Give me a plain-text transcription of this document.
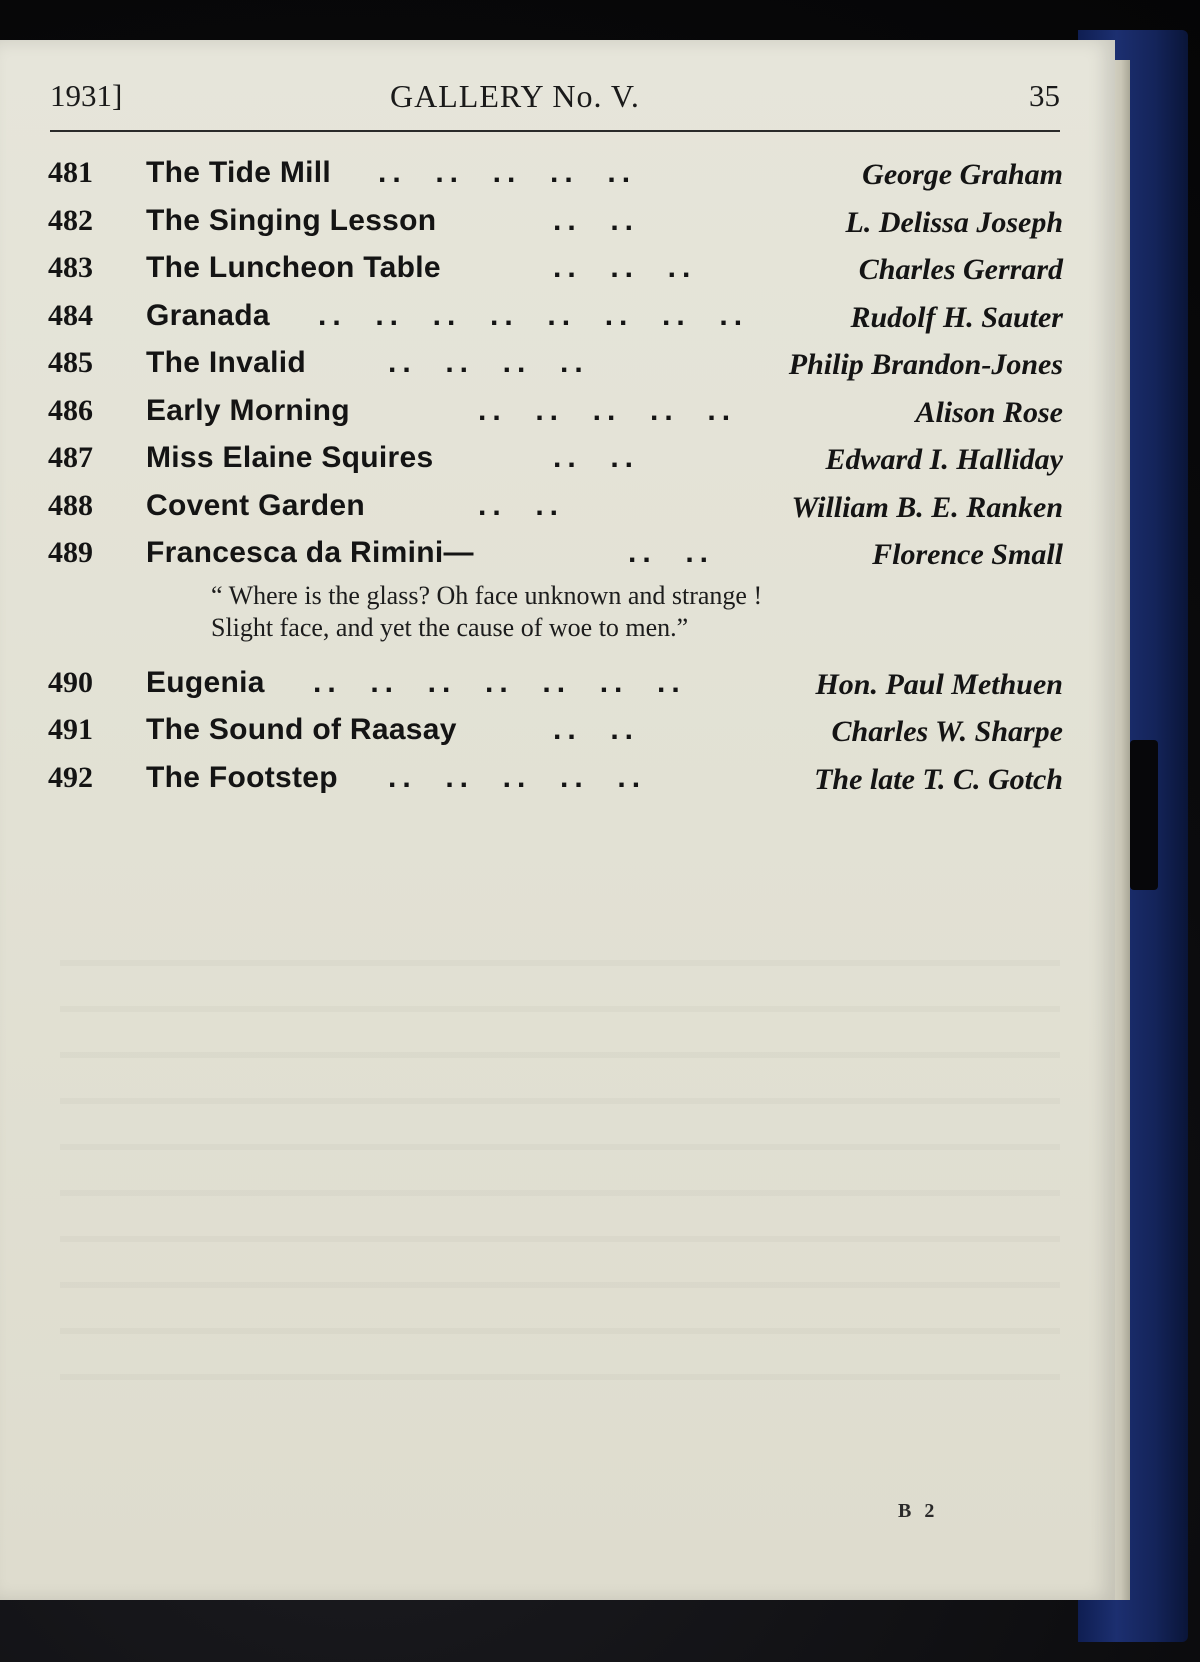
1931]	GALLERY No. V.	35
481 The Tide Mill ..  ..  ..  ..  ..	George Graham
482 The Singing Lesson	..  ..	L. Delissa Joseph
483 The Luncheon Table	..  ..  ..	Charles Gerrard
484 Granada ..  ..  ..  ..  ..  ..  ..  ..	Rudolf H. Sauter
485 The Invalid	..  ..  ..  ..	Philip Brandon-Jones
486 Early Morning	..  ..  ..  ..  ..	Alison Rose
487 Miss Elaine Squires	..  ..	Edward I. Halliday
488 Covent Garden	..  ..	William B. E. Ranken
489 Francesca da Rimini—	..  ..	Florence Small
“ Where is the glass? Oh face unknown and strange !
Slight face, and yet the cause of woe to men.”
490 Eugenia ..  ..  ..  ..  ..  ..  ..	Hon. Paul Methuen
491 The Sound of Raasay	..  ..	Charles W. Sharpe
492 The Footstep ..  ..  ..  ..  ..	The late T. C. Gotch
B 2
